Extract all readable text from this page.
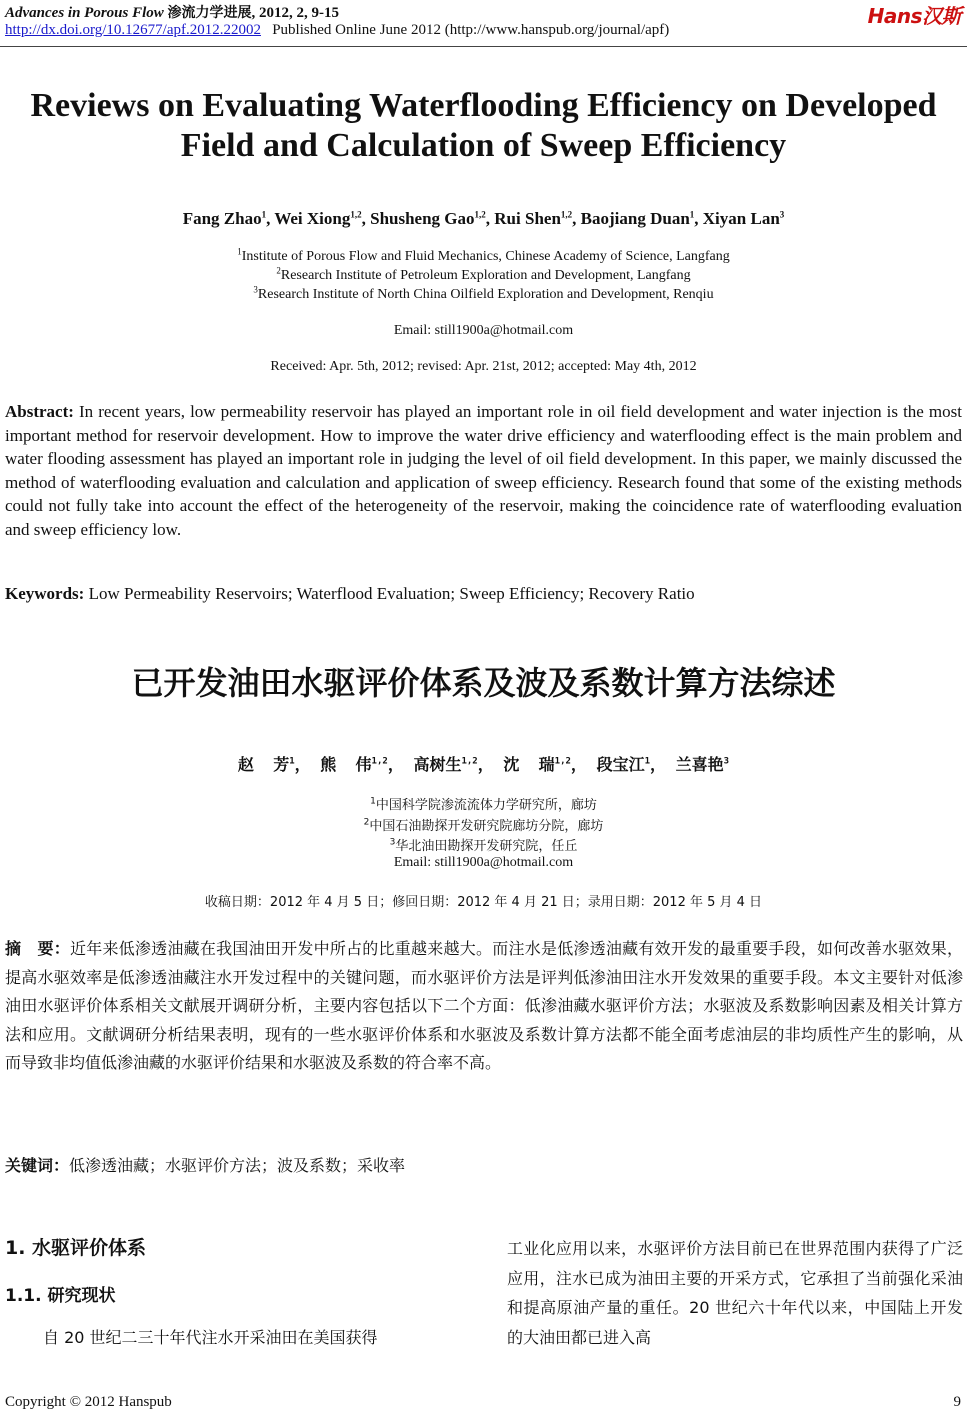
Advances in Porous Flow 渗流力学进展, 2012, 2, 9-15
http://dx.doi.org/10.12677/apf.2012.22002 Published Online June 2012 (http://www.hanspub.org/journal/apf)
Hans汉斯
Reviews on Evaluating Waterflooding Efficiency on Developed
Field and Calculation of Sweep Efficiency
Fang Zhao$^1$, Wei Xiong$^{1,2}$, Shusheng Gao$^{1,2}$, Rui Shen$^{1,2}$, Baojiang Duan$^1$, Xiyan Lan$^3$
$^1$Institute of Porous Flow and Fluid Mechanics, Chinese Academy of Science, Langfang
$^2$Research Institute of Petroleum Exploration and Development, Langfang
$^3$Research Institute of North China Oilfield Exploration and Development, Renqiu
Email: still1900a@hotmail.com
Received: Apr. 5th, 2012; revised: Apr. 21st, 2012; accepted: May 4th, 2012
Abstract: In recent years, low permeability reservoir has played an important role in oil field development and water injection is the most important method for reservoir development. How to improve the water drive efficiency and waterflooding effect is the main problem and water flooding assessment has played an important role in judging the level of oil field development. In this paper, we mainly discussed the method of waterflooding evaluation and calculation and application of sweep efficiency. Research found that some of the existing methods could not fully take into account the effect of the heterogeneity of the reservoir, making the coincidence rate of waterflooding evaluation and sweep efficiency low.
Keywords: Low Permeability Reservoirs; Waterflood Evaluation; Sweep Efficiency; Recovery Ratio
已开发油田水驱评价体系及波及系数计算方法综述
赵  芳$^1$， 熊  伟$^{1,2}$， 高树生$^{1,2}$， 沈  瑞$^{1,2}$， 段宝江$^1$， 兰喜艳$^3$
$^1$中国科学院渗流流体力学研究所，廊坊
$^2$中国石油勘探开发研究院廊坊分院，廊坊
$^3$华北油田勘探开发研究院，任丘
Email: still1900a@hotmail.com
收稿日期：2012 年 4 月 5 日；修回日期：2012 年 4 月 21 日；录用日期：2012 年 5 月 4 日
摘　要：近年来低渗透油藏在我国油田开发中所占的比重越来越大。而注水是低渗透油藏有效开发的最重要手段，如何改善水驱效果，提高水驱效率是低渗透油藏注水开发过程中的关键问题，而水驱评价方法是评判低渗油田注水开发效果的重要手段。本文主要针对低渗油田水驱评价体系相关文献展开调研分析，主要内容包括以下二个方面：低渗油藏水驱评价方法；水驱波及系数影响因素及相关计算方法和应用。文献调研分析结果表明，现有的一些水驱评价体系和水驱波及系数计算方法都不能全面考虑油层的非均质性产生的影响，从而导致非均值低渗油藏的水驱评价结果和水驱波及系数的符合率不高。
关键词：低渗透油藏；水驱评价方法；波及系数；采收率
1. 水驱评价体系
1.1. 研究现状
自 20 世纪二三十年代注水开采油田在美国获得
工业化应用以来，水驱评价方法目前已在世界范围内获得了广泛应用，注水已成为油田主要的开采方式，它承担了当前强化采油和提高原油产量的重任。20 世纪六十年代以来，中国陆上开发的大油田都已进入高
Copyright © 2012 Hanspub	9
